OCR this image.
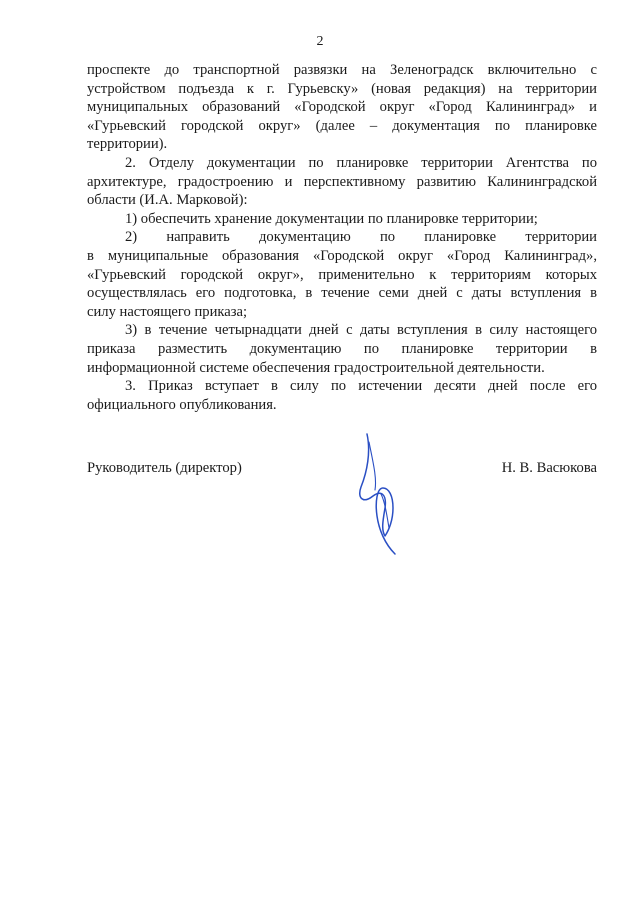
2

проспекте до транспортной развязки на Зеленоградск включительно с
устройством подъезда к г. Гурьевску» (новая редакция) на территории
муниципальных образований «Городской округ «Город Калининград» и
«Гурьевский городской округ» (далее – документация по планировке
территории).

2. Отделу документации по планировке территории Агентства по
архитектуре, градостроению и перспективному развитию Калининградской
области (И.А. Марковой):

1) обеспечить хранение документации по планировке территории;

2) направить документацию по планировке территории
в муниципальные образования «Городской округ «Город Калининград»,
«Гурьевский городской округ», применительно к территориям которых
осуществлялась его подготовка, в течение семи дней с даты вступления в
силу настоящего приказа;

3) в течение четырнадцати дней с даты вступления в силу настоящего
приказа разместить документацию по планировке территории в
информационной системе обеспечения градостроительной деятельности.

3. Приказ вступает в силу по истечении десяти дней после его
официального опубликования.

Руководитель (директор)	Н. В. Васюкова
